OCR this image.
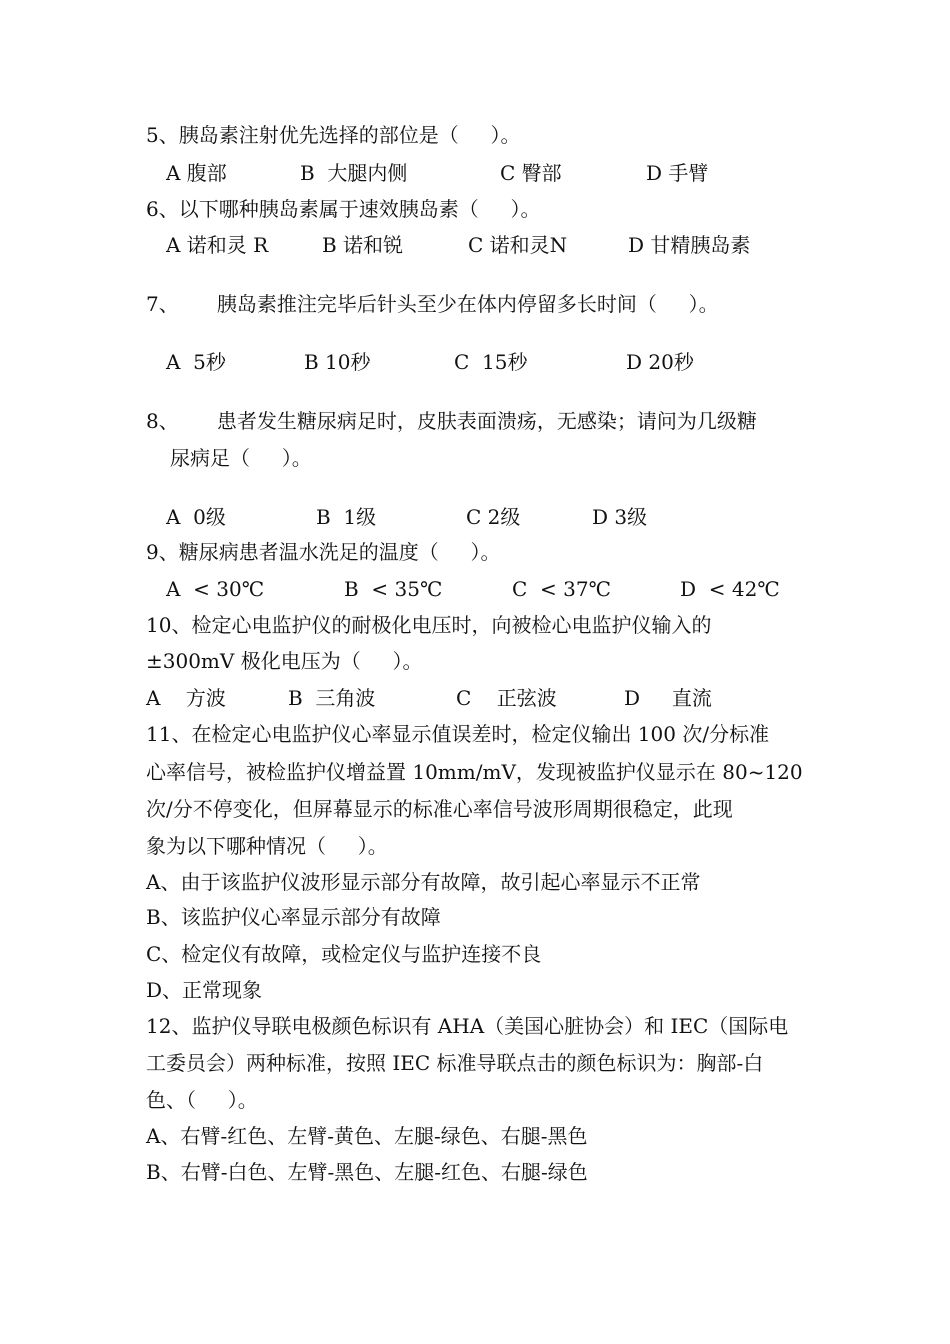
5、胰岛素注射优先选择的部位是（     ）。
A 腹部	B  大腿内侧	C 臀部	D 手臂
6、以下哪种胰岛素属于速效胰岛素（     ）。
A 诺和灵 R	B 诺和锐	C 诺和灵N	D 甘精胰岛素
7、      胰岛素推注完毕后针头至少在体内停留多长时间（     ）。
A  5秒	B 10秒	C  15秒	D 20秒
8、      患者发生糖尿病足时，皮肤表面溃疡，无感染；请问为几级糖
尿病足（     ）。
A  0级	B  1级	C 2级	D 3级
9、糖尿病患者温水洗足的温度（     ）。
A  < 30℃	B  < 35℃	C  < 37℃	D  < 42℃
10、检定心电监护仪的耐极化电压时，向被检心电监护仪输入的
±300mV 极化电压为（     ）。
A    方波	B  三角波	C    正弦波	D     直流
11、在检定心电监护仪心率显示值误差时，检定仪输出 100 次/分标准
心率信号，被检监护仪增益置 10mm/mV，发现被监护仪显示在 80~120
次/分不停变化，但屏幕显示的标准心率信号波形周期很稳定，此现
象为以下哪种情况（     ）。
A、由于该监护仪波形显示部分有故障，故引起心率显示不正常
B、该监护仪心率显示部分有故障
C、检定仪有故障，或检定仪与监护连接不良
D、正常现象
12、监护仪导联电极颜色标识有 AHA（美国心脏协会）和 IEC（国际电
工委员会）两种标准，按照 IEC 标准导联点击的颜色标识为：胸部-白
色、（     ）。
A、右臂-红色、左臂-黄色、左腿-绿色、右腿-黑色
B、右臂-白色、左臂-黑色、左腿-红色、右腿-绿色
